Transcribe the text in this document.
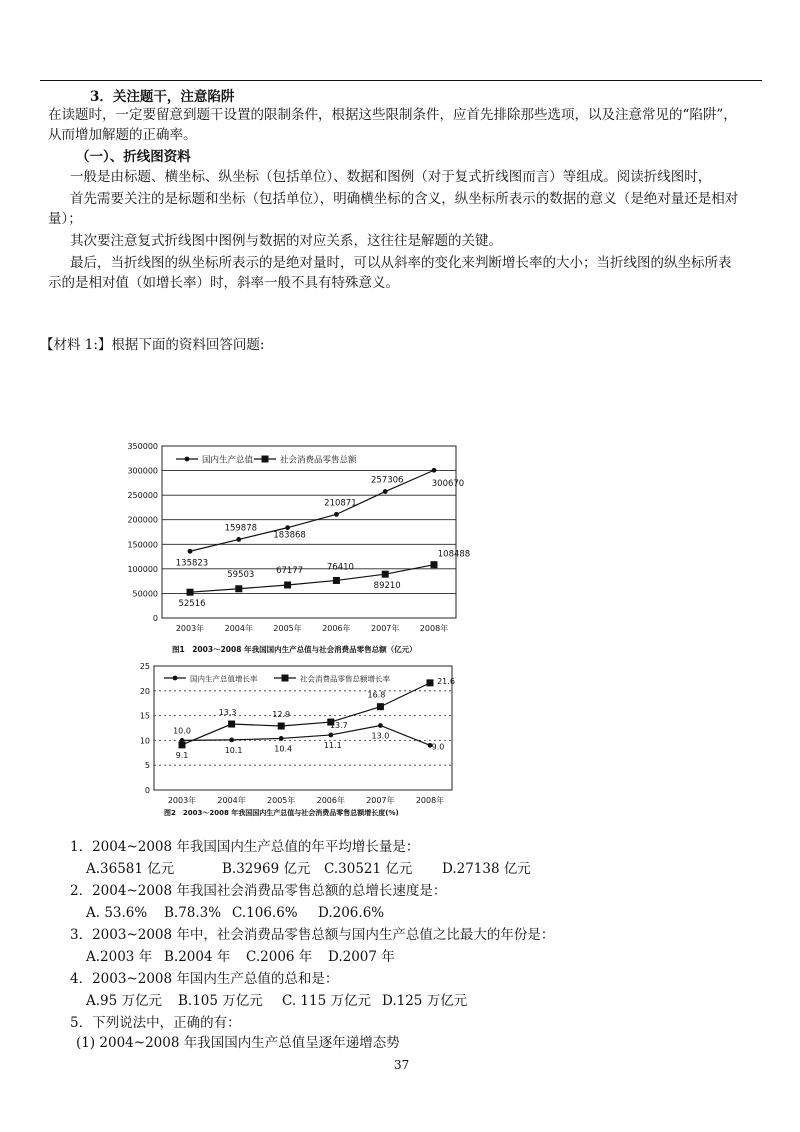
3．关注题干，注意陷阱
在读题时，一定要留意到题干设置的限制条件，根据这些限制条件，应首先排除那些选项，以及注意常见的“陷阱”，
从而增加解题的正确率。
（一）、折线图资料
一般是由标题、横坐标、纵坐标（包括单位）、数据和图例（对于复式折线图而言）等组成。阅读折线图时，
首先需要关注的是标题和坐标（包括单位），明确横坐标的含义，纵坐标所表示的数据的意义（是绝对量还是相对
量）；
其次要注意复式折线图中图例与数据的对应关系，这往往是解题的关键。
最后，当折线图的纵坐标所表示的是绝对量时，可以从斜率的变化来判断增长率的大小；当折线图的纵坐标所表
示的是相对值（如增长率）时，斜率一般不具有特殊意义。
【材料 1:】根据下面的资料回答问题:
0
50000
100000
150000
200000
250000
300000
350000
2003年	2004年	2005年	2006年	2007年	2008年
135823
159878
183868
210871
257306	300670
52516
59503	67177	76410
89210
108488
国内生产总值	社会消费品零售总额
图1　2003～2008 年我国国内生产总值与社会消费品零售总额（亿元）
0
5
10
15
20
25
2003年	2004年	2005年	2006年	2007年	2008年
10.0
10.1	10.4	11.1
13.0
9.0
9.1
13.3	12.9
13.7
16.8
21.6
国内生产总值增长率	社会消费品零售总额增长率
图2　2003～2008 年我国国内生产总值与社会消费品零售总额增长度(%)
1．2004~2008 年我国国内生产总值的年平均增长量是：
A.36581 亿元	B.32969 亿元 C.30521 亿元 D.27138 亿元
2．2004~2008 年我国社会消费品零售总额的总增长速度是：
A. 53.6% B.78.3% C.106.6% D.206.6%
3．2003~2008 年中，社会消费品零售总额与国内生产总值之比最大的年份是：
A.2003 年 B.2004 年 C.2006 年 D.2007 年
4．2003~2008 年国内生产总值的总和是：
A.95 万亿元 B.105 万亿元 C. 115 万亿元 D.125 万亿元
5．下列说法中，正确的有：
(1) 2004~2008 年我国国内生产总值呈逐年递增态势
37
